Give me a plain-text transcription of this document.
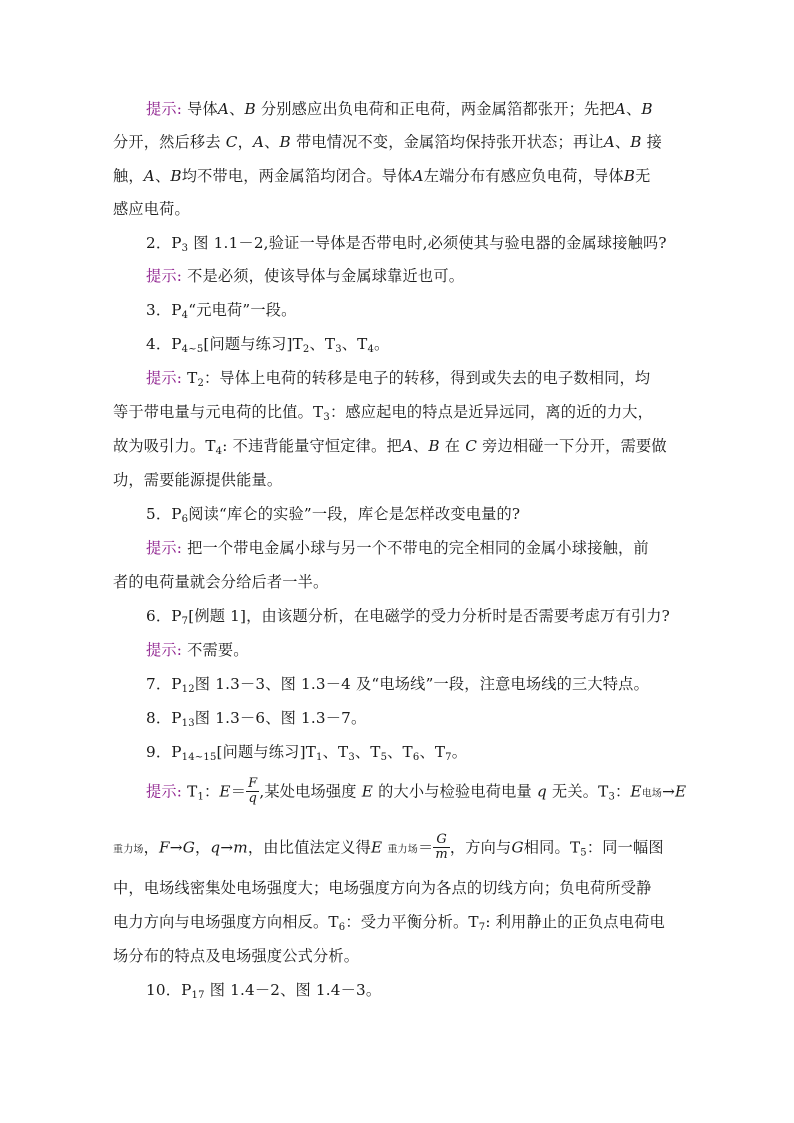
提示: 导体A、B 分别感应出负电荷和正电荷，两金属箔都张开；先把A、B
分开，然后移去 C，A、B 带电情况不变，金属箔均保持张开状态；再让A、B 接
触，A、B均不带电，两金属箔均闭合。导体A左端分布有感应负电荷，导体B无
感应电荷。
2．$P_3$ 图 1.1－2,验证一导体是否带电时,必须使其与验电器的金属球接触吗?
提示: 不是必须，使该导体与金属球靠近也可。
3．$P_4“$元电荷”一段。
4．$P_{4\sim 5}$[问题与练习]$T_2$、$T_3$、$T_4$。
提示: $T_2$：导体上电荷的转移是电子的转移，得到或失去的电子数相同，均
等于带电量与元电荷的比值。$T_3$：感应起电的特点是近异远同，离的近的力大，
故为吸引力。$T_4$: 不违背能量守恒定律。把A、B 在 C 旁边相碰一下分开，需要做
功，需要能源提供能量。
5．$P_6$阅读“库仑的实验”一段，库仑是怎样改变电量的?
提示: 把一个带电金属小球与另一个不带电的完全相同的金属小球接触，前
者的电荷量就会分给后者一半。
6．$P_7$[例题 1]，由该题分析，在电磁学的受力分析时是否需要考虑万有引力?
提示: 不需要。
7．$P_{12}$图 1.3－3、图 1.3－4 及“电场线”一段，注意电场线的三大特点。
8．$P_{13}$图 1.3－6、图 1.3－7。
9．$P_{14\sim 15}$[问题与练习]$T_1$、$T_3$、$T_5$、$T_6$、$T_7$。
提示: $T_1$：$E= \frac{F}{q}$ ,某处电场强度 E 的大小与检验电荷电量 q 无关。$T_3$：E电场→E
重力场，F→G，q→m，由比值法定义得E 重力场＝ $\frac{G}{m}$ ，方向与G相同。$T_5$：同一幅图
中，电场线密集处电场强度大；电场强度方向为各点的切线方向；负电荷所受静
电力方向与电场强度方向相反。$T_6$：受力平衡分析。$T_7$: 利用静止的正负点电荷电
场分布的特点及电场强度公式分析。
10．$P_{17}$ 图 1.4－2、图 1.4－3。
